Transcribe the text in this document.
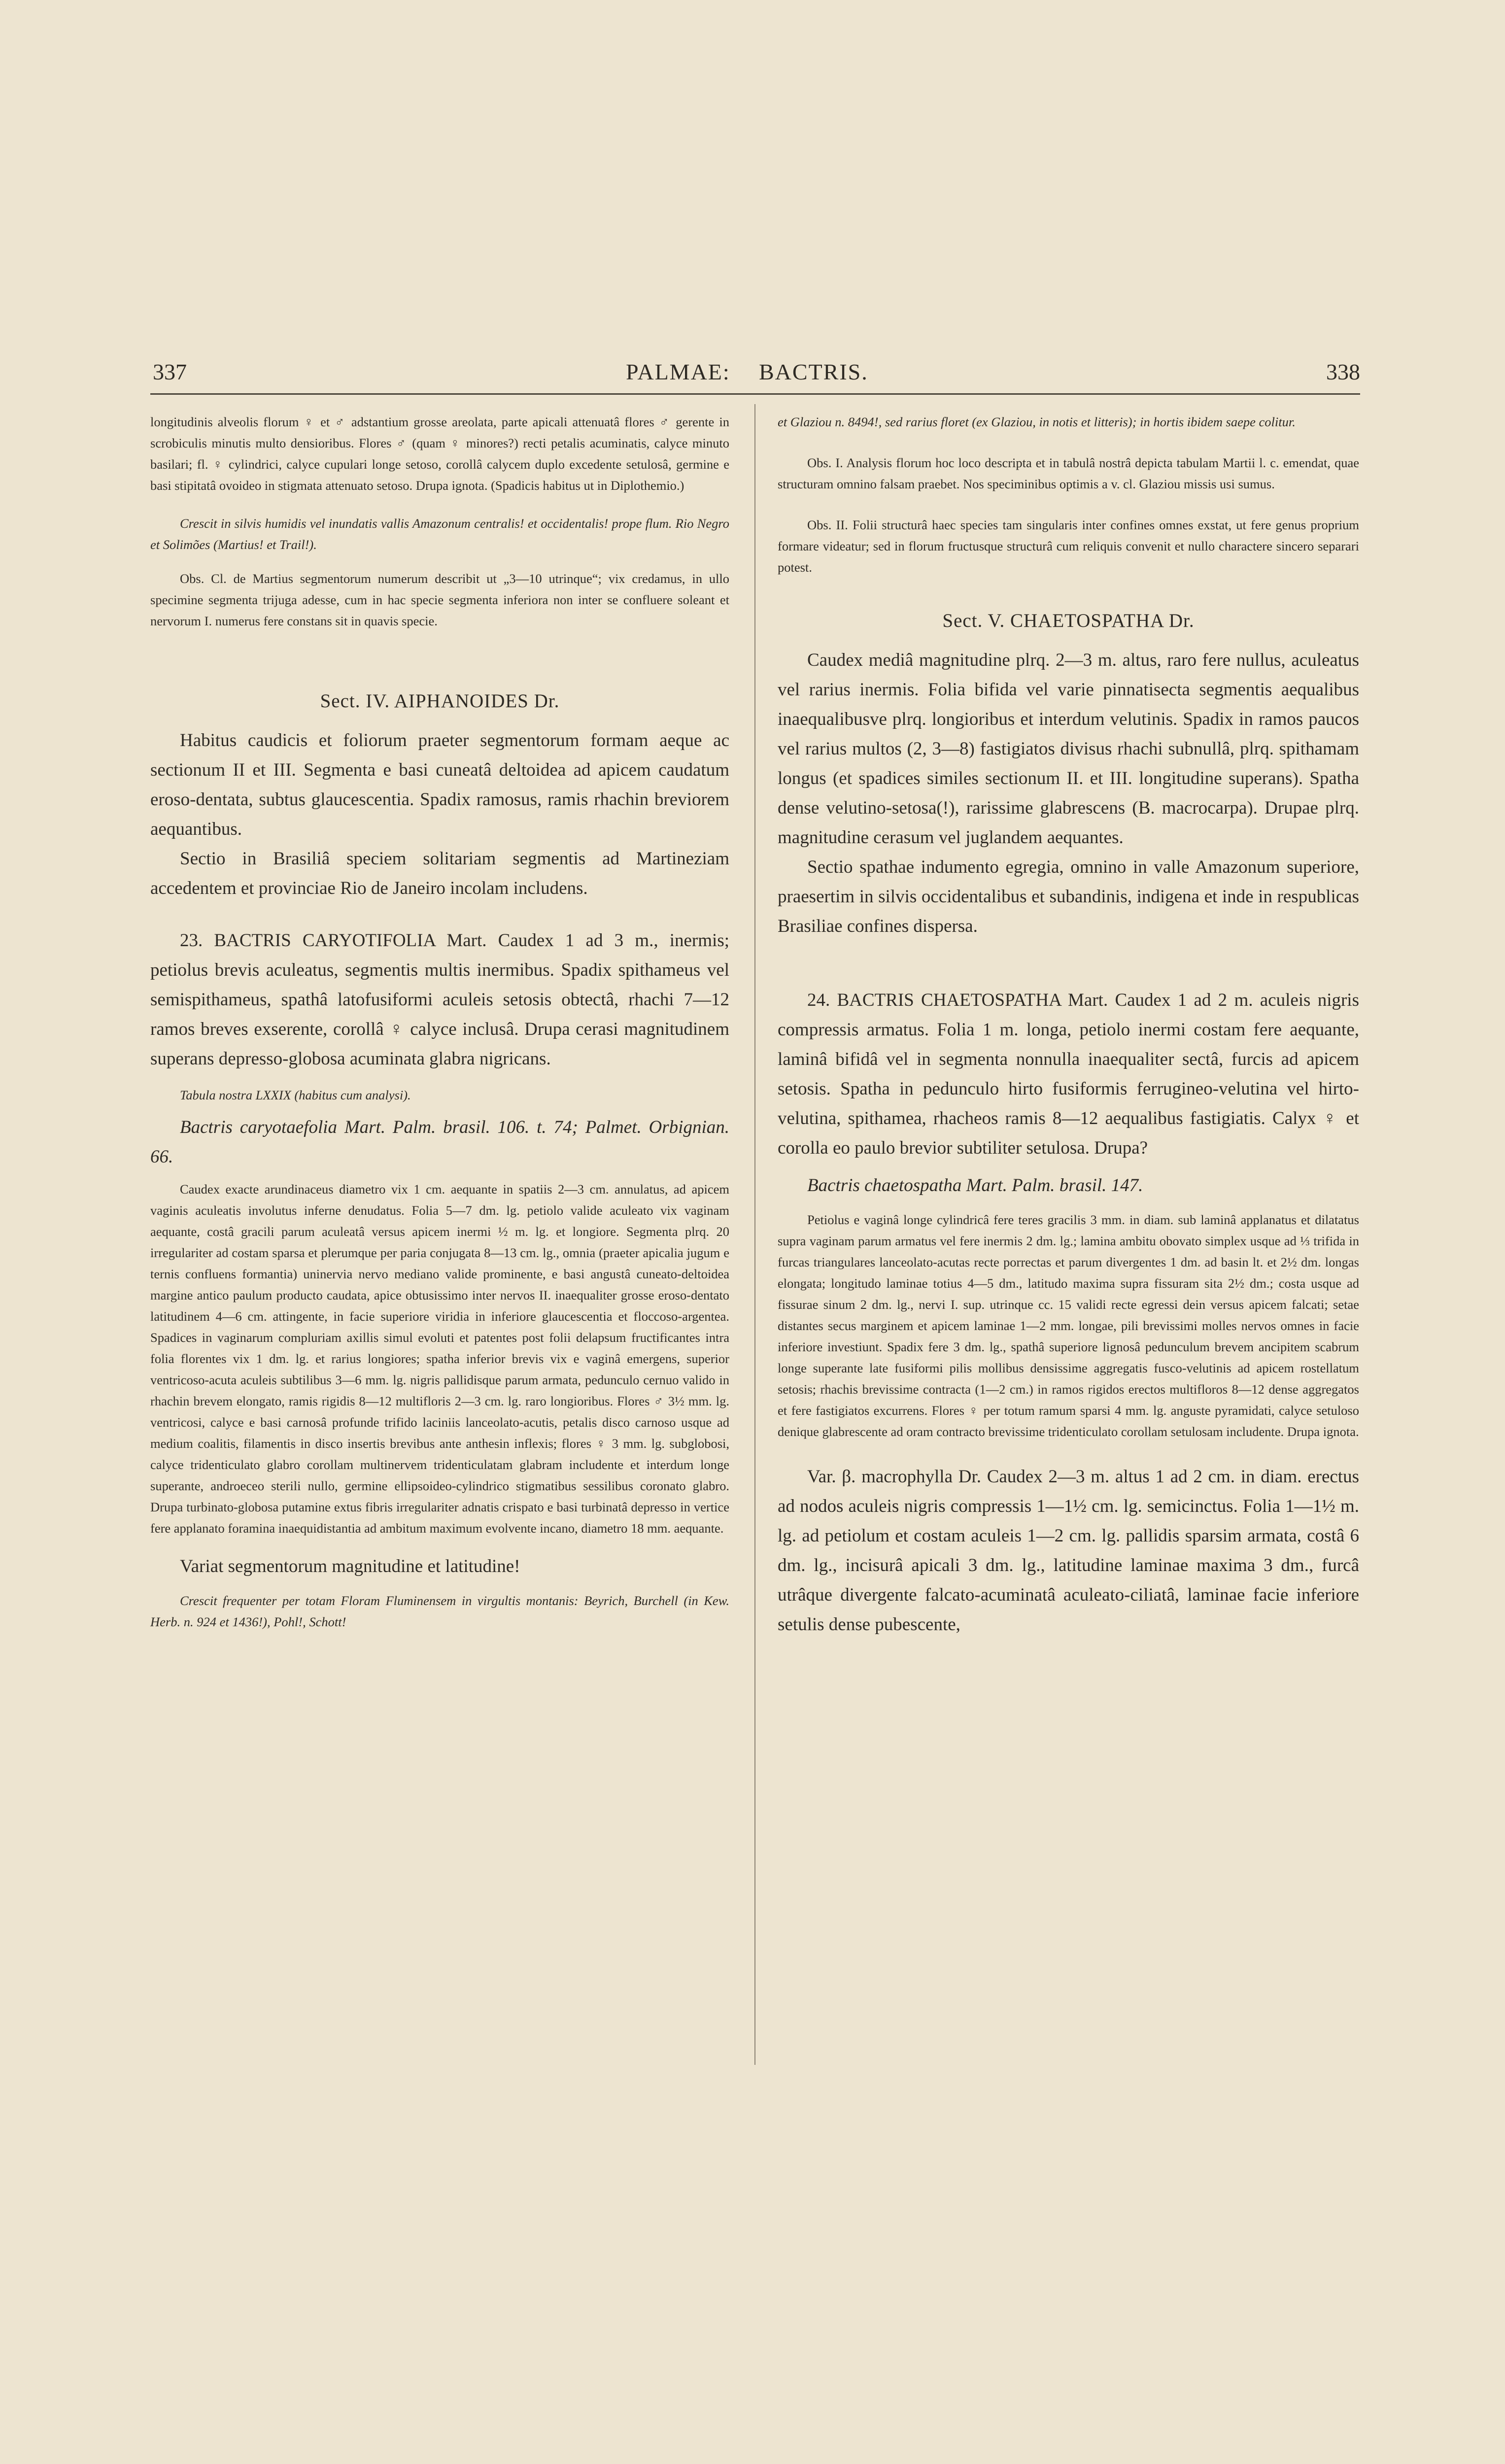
337	PALMAE: BACTRIS.	338

longitudinis alveolis florum ♀ et ♂ adstantium grosse areolata, parte apicali attenuatâ flores ♂ gerente in scrobiculis minutis multo densioribus. Flores ♂ (quam ♀ minores?) recti petalis acuminatis, calyce minuto basilari; fl. ♀ cylindrici, calyce cupulari longe setoso, corollâ calycem duplo excedente setulosâ, germine e basi stipitatâ ovoideo in stigmata attenuato setoso. Drupa ignota. (Spadicis habitus ut in Diplothemio.)

Crescit in silvis humidis vel inundatis vallis Amazonum centralis! et occidentalis! prope flum. Rio Negro et Solimões (Martius! et Trail!).

Obs. Cl. de Martius segmentorum numerum describit ut „3—10 utrinque“; vix credamus, in ullo specimine segmenta trijuga adesse, cum in hac specie segmenta inferiora non inter se confluere soleant et nervorum I. numerus fere constans sit in quavis specie.

Sect. IV. AIPHANOIDES Dr.

Habitus caudicis et foliorum praeter segmentorum formam aeque ac sectionum II et III. Segmenta e basi cuneatâ deltoidea ad apicem caudatum eroso-dentata, subtus glaucescentia. Spadix ramosus, ramis rhachin breviorem aequantibus.

Sectio in Brasiliâ speciem solitariam segmentis ad Martineziam accedentem et provinciae Rio de Janeiro incolam includens.

23. BACTRIS CARYOTIFOLIA Mart. Caudex 1 ad 3 m., inermis; petiolus brevis aculeatus, segmentis multis inermibus. Spadix spithameus vel semispithameus, spathâ latofusiformi aculeis setosis obtectâ, rhachi 7—12 ramos breves exserente, corollâ ♀ calyce inclusâ. Drupa cerasi magnitudinem superans depresso-globosa acuminata glabra nigricans.

Tabula nostra LXXIX (habitus cum analysi).

Bactris caryotaefolia Mart. Palm. brasil. 106. t. 74; Palmet. Orbignian. 66.

Caudex exacte arundinaceus diametro vix 1 cm. aequante in spatiis 2—3 cm. annulatus, ad apicem vaginis aculeatis involutus inferne denudatus. Folia 5—7 dm. lg. petiolo valide aculeato vix vaginam aequante, costâ gracili parum aculeatâ versus apicem inermi ½ m. lg. et longiore. Segmenta plrq. 20 irregulariter ad costam sparsa et plerumque per paria conjugata 8—13 cm. lg., omnia (praeter apicalia jugum e ternis confluens formantia) uninervia nervo mediano valide prominente, e basi angustâ cuneato-deltoidea margine antico paulum producto caudata, apice obtusissimo inter nervos II. inaequaliter grosse eroso-dentato latitudinem 4—6 cm. attingente, in facie superiore viridia in inferiore glaucescentia et floccoso-argentea. Spadices in vaginarum compluriam axillis simul evoluti et patentes post folii delapsum fructificantes intra folia florentes vix 1 dm. lg. et rarius longiores; spatha inferior brevis vix e vaginâ emergens, superior ventricoso-acuta aculeis subtilibus 3—6 mm. lg. nigris pallidisque parum armata, pedunculo cernuo valido in rhachin brevem elongato, ramis rigidis 8—12 multifloris 2—3 cm. lg. raro longioribus. Flores ♂ 3½ mm. lg. ventricosi, calyce e basi carnosâ profunde trifido laciniis lanceolato-acutis, petalis disco carnoso usque ad medium coalitis, filamentis in disco insertis brevibus ante anthesin inflexis; flores ♀ 3 mm. lg. subglobosi, calyce tridenticulato glabro corollam multinervem tridenticulatam glabram includente et interdum longe superante, androeceo sterili nullo, germine ellipsoideo-cylindrico stigmatibus sessilibus coronato glabro. Drupa turbinato-globosa putamine extus fibris irregulariter adnatis crispato e basi turbinatâ depresso in vertice fere applanato foramina inaequidistantia ad ambitum maximum evolvente incano, diametro 18 mm. aequante.

Variat segmentorum magnitudine et latitudine!

Crescit frequenter per totam Floram Fluminensem in virgultis montanis: Beyrich, Burchell (in Kew. Herb. n. 924 et 1436!), Pohl!, Schott!

et Glaziou n. 8494!, sed rarius floret (ex Glaziou, in notis et litteris); in hortis ibidem saepe colitur.

Obs. I. Analysis florum hoc loco descripta et in tabulâ nostrâ depicta tabulam Martii l. c. emendat, quae structuram omnino falsam praebet. Nos speciminibus optimis a v. cl. Glaziou missis usi sumus.

Obs. II. Folii structurâ haec species tam singularis inter confines omnes exstat, ut fere genus proprium formare videatur; sed in florum fructusque structurâ cum reliquis convenit et nullo charactere sincero separari potest.

Sect. V. CHAETOSPATHA Dr.

Caudex mediâ magnitudine plrq. 2—3 m. altus, raro fere nullus, aculeatus vel rarius inermis. Folia bifida vel varie pinnatisecta segmentis aequalibus inaequalibusve plrq. longioribus et interdum velutinis. Spadix in ramos paucos vel rarius multos (2, 3—8) fastigiatos divisus rhachi subnullâ, plrq. spithamam longus (et spadices similes sectionum II. et III. longitudine superans). Spatha dense velutino-setosa(!), rarissime glabrescens (B. macrocarpa). Drupae plrq. magnitudine cerasum vel juglandem aequantes.

Sectio spathae indumento egregia, omnino in valle Amazonum superiore, praesertim in silvis occidentalibus et subandinis, indigena et inde in respublicas Brasiliae confines dispersa.

24. BACTRIS CHAETOSPATHA Mart. Caudex 1 ad 2 m. aculeis nigris compressis armatus. Folia 1 m. longa, petiolo inermi costam fere aequante, laminâ bifidâ vel in segmenta nonnulla inaequaliter sectâ, furcis ad apicem setosis. Spatha in pedunculo hirto fusiformis ferrugineo-velutina vel hirto-velutina, spithamea, rhacheos ramis 8—12 aequalibus fastigiatis. Calyx ♀ et corolla eo paulo brevior subtiliter setulosa. Drupa?

Bactris chaetospatha Mart. Palm. brasil. 147.

Petiolus e vaginâ longe cylindricâ fere teres gracilis 3 mm. in diam. sub laminâ applanatus et dilatatus supra vaginam parum armatus vel fere inermis 2 dm. lg.; lamina ambitu obovato simplex usque ad ⅓ trifida in furcas triangulares lanceolato-acutas recte porrectas et parum divergentes 1 dm. ad basin lt. et 2½ dm. longas elongata; longitudo laminae totius 4—5 dm., latitudo maxima supra fissuram sita 2½ dm.; costa usque ad fissurae sinum 2 dm. lg., nervi I. sup. utrinque cc. 15 validi recte egressi dein versus apicem falcati; setae distantes secus marginem et apicem laminae 1—2 mm. longae, pili brevissimi molles nervos omnes in facie inferiore investiunt. Spadix fere 3 dm. lg., spathâ superiore lignosâ pedunculum brevem ancipitem scabrum longe superante late fusiformi pilis mollibus densissime aggregatis fusco-velutinis ad apicem rostellatum setosis; rhachis brevissime contracta (1—2 cm.) in ramos rigidos erectos multifloros 8—12 dense aggregatos et fere fastigiatos excurrens. Flores ♀ per totum ramum sparsi 4 mm. lg. anguste pyramidati, calyce setuloso denique glabrescente ad oram contracto brevissime tridenticulato corollam setulosam includente. Drupa ignota.

Var. β. macrophylla Dr. Caudex 2—3 m. altus 1 ad 2 cm. in diam. erectus ad nodos aculeis nigris compressis 1—1½ cm. lg. semicinctus. Folia 1—1½ m. lg. ad petiolum et costam aculeis 1—2 cm. lg. pallidis sparsim armata, costâ 6 dm. lg., incisurâ apicali 3 dm. lg., latitudine laminae maxima 3 dm., furcâ utrâque divergente falcato-acuminatâ aculeato-ciliatâ, laminae facie inferiore setulis dense pubescente,
